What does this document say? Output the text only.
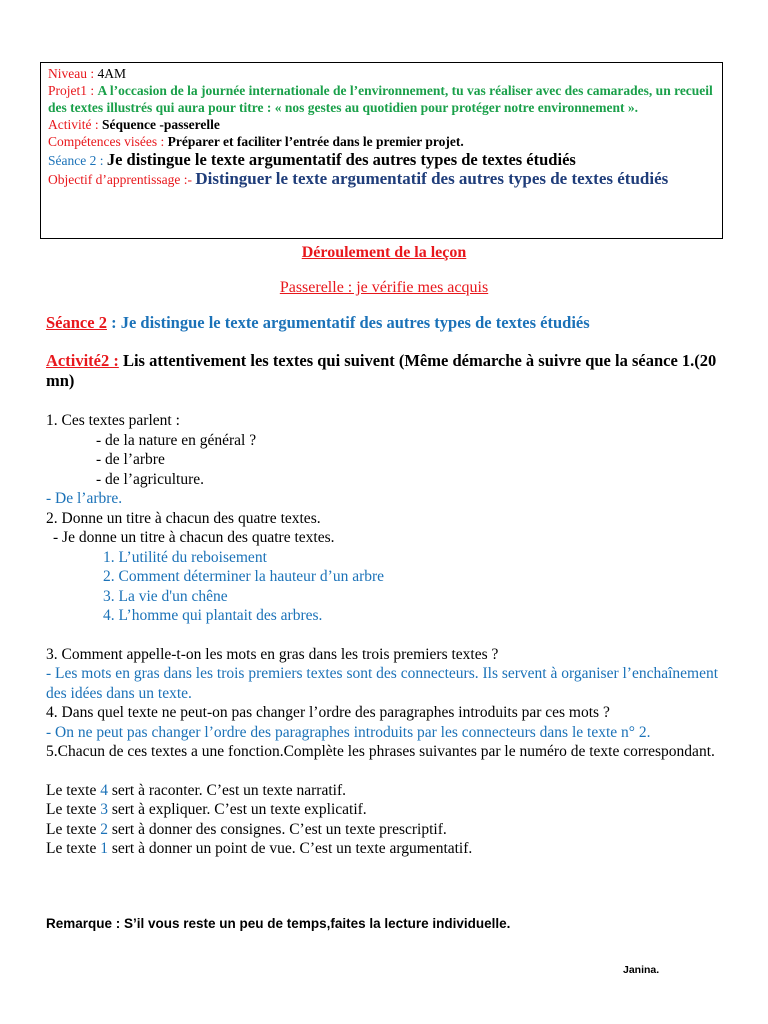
Niveau : 4AM

Projet1 : A l’occasion de la journée internationale de l’environnement, tu vas réaliser avec des camarades, un recueil des textes illustrés qui aura pour titre : « nos gestes au quotidien pour protéger notre environnement ».

Activité : Séquence -passerelle

Compétences visées : Préparer et faciliter l’entrée dans le premier projet.

Séance 2 : Je distingue le texte argumentatif des autres types de textes étudiés

Objectif d’apprentissage :- Distinguer le texte argumentatif des autres types de textes étudiés

Déroulement de la leçon
Passerelle : je vérifie mes acquis
Séance 2 : Je distingue le texte argumentatif des autres types de textes étudiés
Activité2 : Lis attentivement les textes qui suivent (Même démarche à suivre que la séance 1.(20 mn)

1. Ces textes parlent :

- de la nature en général ?

- de l’arbre

- de l’agriculture.

- De l’arbre.

2. Donne un titre à chacun des quatre textes.

- Je donne un titre à chacun des quatre textes.

1. L’utilité du reboisement

2. Comment déterminer la hauteur d’un arbre

3. La vie d'un chêne

4. L’homme qui plantait des arbres.

3. Comment appelle-t-on les mots en gras dans les trois premiers textes ?

- Les mots en gras dans les trois premiers textes sont des connecteurs. Ils servent à organiser l’enchaînement des idées dans un texte.

4. Dans quel texte ne peut-on pas changer l’ordre des paragraphes introduits par ces mots ?

- On ne peut pas changer l’ordre des paragraphes introduits par les connecteurs dans le texte n° 2.

5.Chacun de ces textes a une fonction.Complète les phrases suivantes par le numéro de texte correspondant.

Le texte 4 sert à raconter. C’est un texte narratif.

Le texte 3 sert à expliquer. C’est un texte explicatif.

Le texte 2 sert à donner des consignes. C’est un texte prescriptif.

Le texte 1 sert à donner un point de vue. C’est un texte argumentatif.

Remarque : S’il vous reste un peu de temps,faites la lecture individuelle.
Janina.
